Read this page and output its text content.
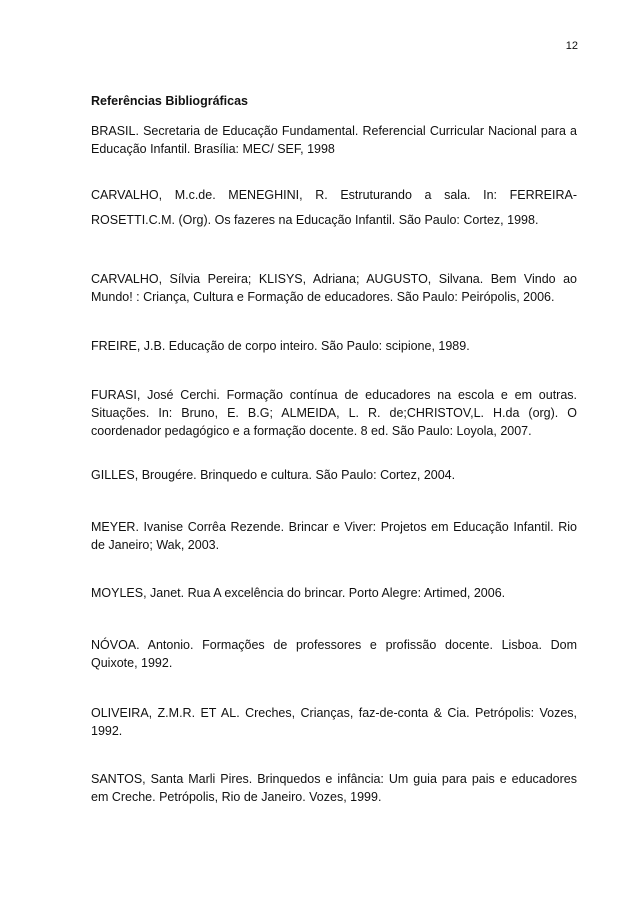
12
Referências Bibliográficas

BRASIL. Secretaria de Educação Fundamental. Referencial Curricular Nacional para a Educação Infantil. Brasília: MEC/ SEF, 1998

CARVALHO, M.c.de. MENEGHINI, R. Estruturando a sala. In: FERREIRA-ROSETTI.C.M. (Org). Os fazeres na Educação Infantil. São Paulo: Cortez, 1998.

CARVALHO, Sílvia Pereira; KLISYS, Adriana; AUGUSTO, Silvana. Bem Vindo ao Mundo! : Criança, Cultura e Formação de educadores. São Paulo: Peirópolis, 2006.

FREIRE, J.B. Educação de corpo inteiro. São Paulo: scipione, 1989.

FURASI, José Cerchi. Formação contínua de educadores na escola e em outras. Situações. In: Bruno, E. B.G; ALMEIDA, L. R. de;CHRISTOV,L. H.da (org). O coordenador pedagógico e a formação docente. 8 ed. São Paulo: Loyola, 2007.

GILLES, Brougére. Brinquedo e cultura. São Paulo: Cortez, 2004.

MEYER. Ivanise Corrêa Rezende. Brincar e Viver: Projetos em Educação Infantil. Rio de Janeiro; Wak, 2003.

MOYLES, Janet. Rua A excelência do brincar. Porto Alegre: Artimed, 2006.

NÓVOA. Antonio. Formações de professores e profissão docente. Lisboa. Dom Quixote, 1992.

OLIVEIRA, Z.M.R. ET AL. Creches, Crianças, faz-de-conta & Cia. Petrópolis: Vozes, 1992.

SANTOS, Santa Marli Pires. Brinquedos e infância: Um guia para pais e educadores em Creche. Petrópolis, Rio de Janeiro. Vozes, 1999.
